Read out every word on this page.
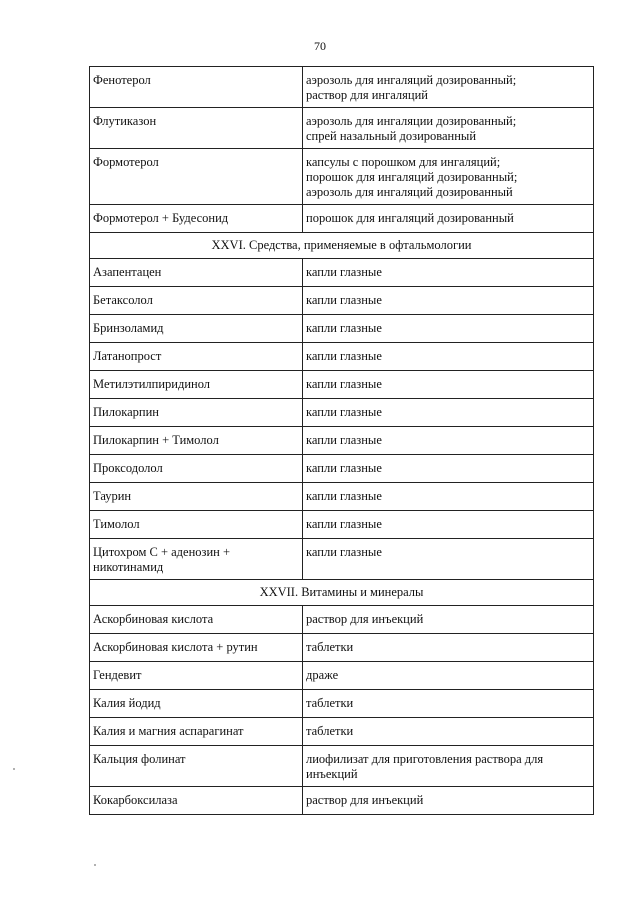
70
Фенотерол	аэрозоль для ингаляций дозированный;
раствор для ингаляций
Флутиказон	аэрозоль для ингаляции дозированный;
спрей назальный дозированный
Формотерол	капсулы с порошком для ингаляций;
порошок для ингаляций дозированный;
аэрозоль для ингаляций дозированный
Формотерол + Будесонид	порошок для ингаляций дозированный
XXVI. Средства, применяемые в офтальмологии	
Азапентацен	капли глазные
Бетаксолол	капли глазные
Бринзоламид	капли глазные
Латанопрост	капли глазные
Метилэтилпиридинол	капли глазные
Пилокарпин	капли глазные
Пилокарпин + Тимолол	капли глазные
Проксодолол	капли глазные
Таурин	капли глазные
Тимолол	капли глазные
Цитохром С + аденозин +
никотинамид	капли глазные
XXVII. Витамины и минералы	
Аскорбиновая кислота	раствор для инъекций
Аскорбиновая кислота + рутин	таблетки
Гендевит	драже
Калия йодид	таблетки
Калия и магния аспарагинат	таблетки
Кальция фолинат	лиофилизат для приготовления раствора для
инъекций
Кокарбоксилаза	раствор для инъекций
